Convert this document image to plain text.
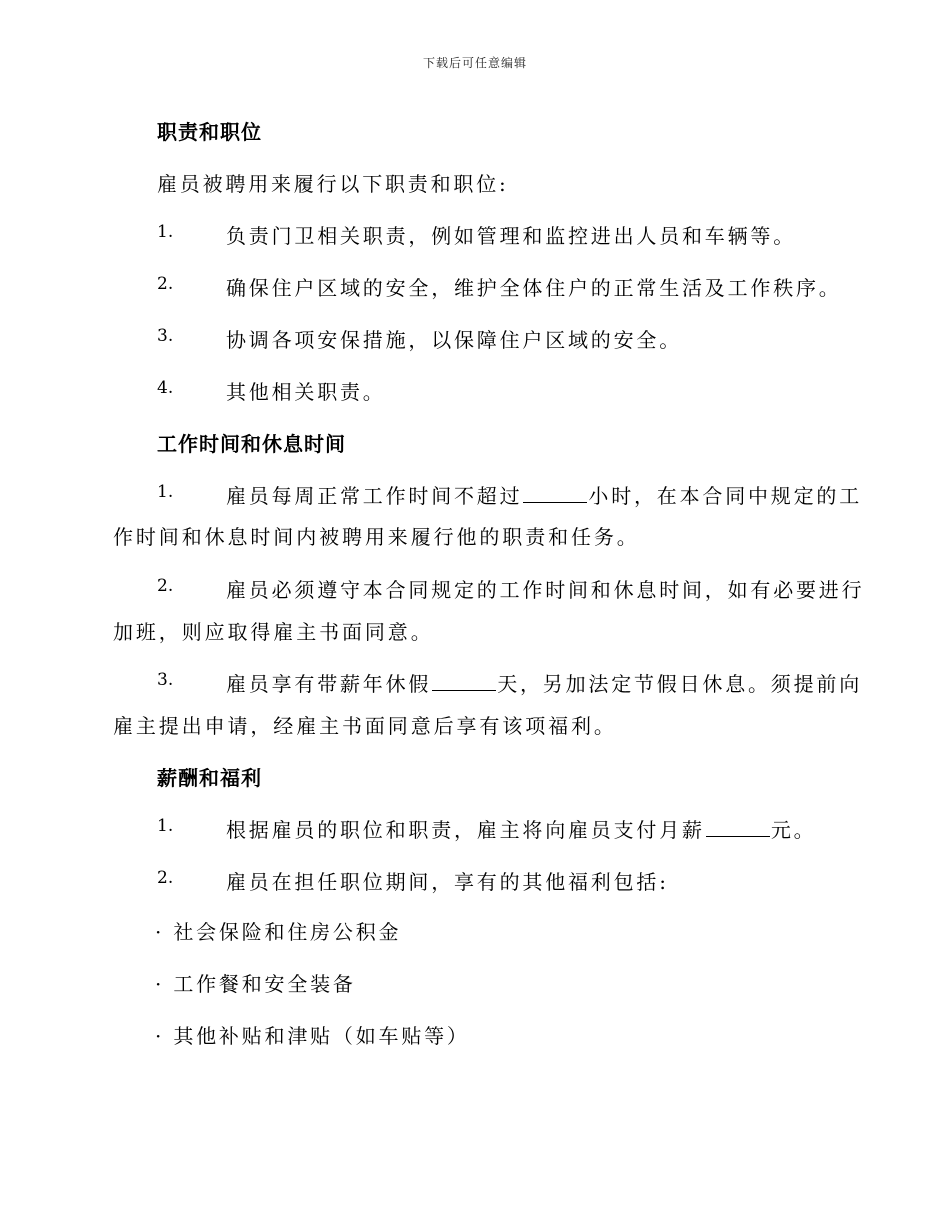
下载后可任意编辑
职责和职位
雇员被聘用来履行以下职责和职位:
1.	负责门卫相关职责，例如管理和监控进出人员和车辆等。
2.	确保住户区域的安全，维护全体住户的正常生活及工作秩序。
3.	协调各项安保措施，以保障住户区域的安全。
4.	其他相关职责。
工作时间和休息时间
1.	雇员每周正常工作时间不超过	小时，在本合同中规定的工
作时间和休息时间内被聘用来履行他的职责和任务。
2.	雇员必须遵守本合同规定的工作时间和休息时间，如有必要进行
加班，则应取得雇主书面同意。
3.	雇员享有带薪年休假	天，另加法定节假日休息。须提前向
雇主提出申请，经雇主书面同意后享有该项福利。
薪酬和福利
1.	根据雇员的职位和职责，雇主将向雇员支付月薪	元。
2.	雇员在担任职位期间，享有的其他福利包括:
· 社会保险和住房公积金
· 工作餐和安全装备
· 其他补贴和津贴（如车贴等）
